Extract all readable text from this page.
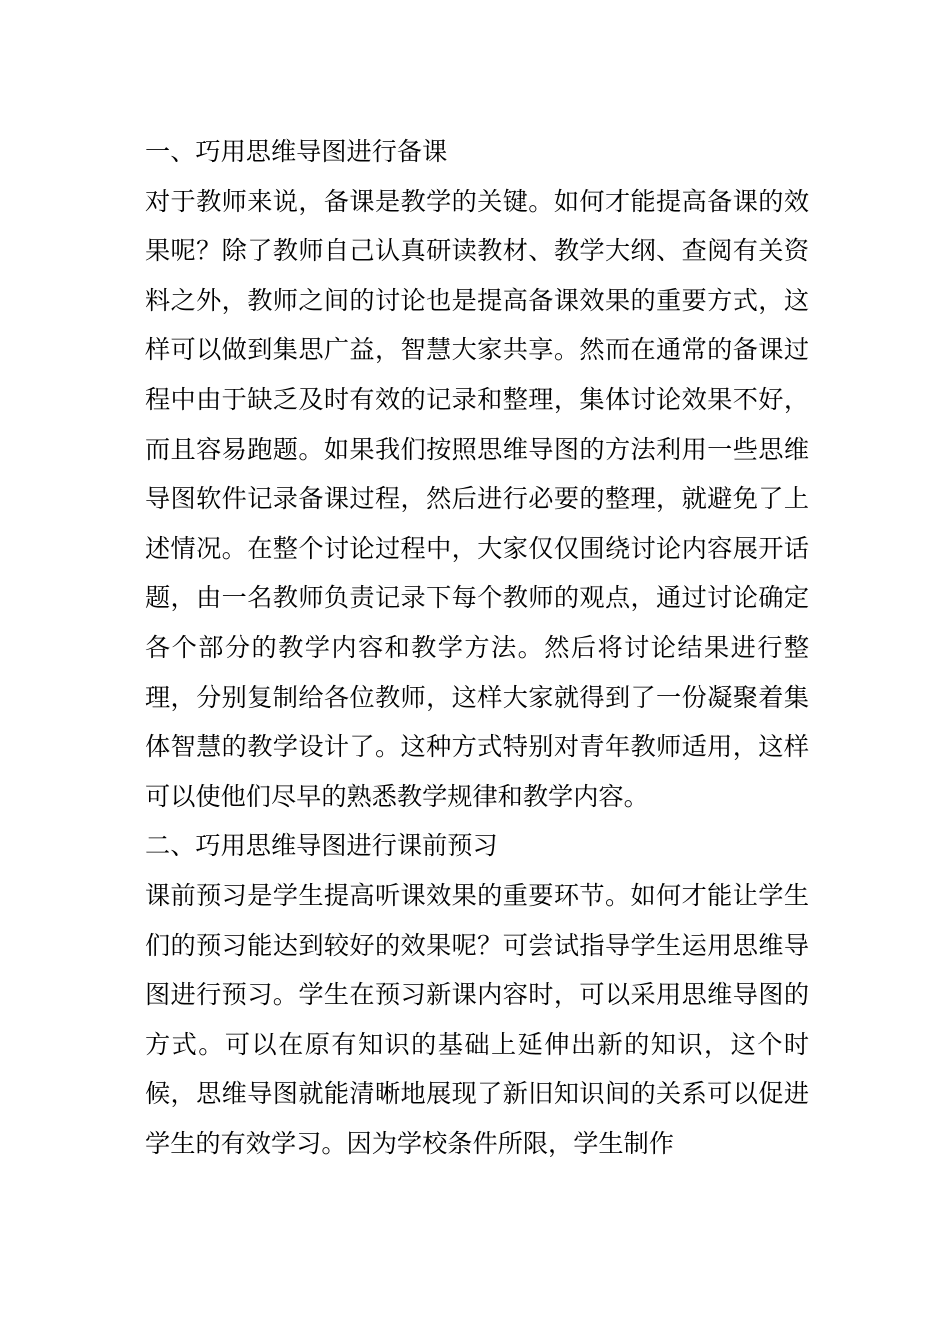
一、巧用思维导图进行备课

对于教师来说，备课是教学的关键。如何才能提高备课的效果呢？除了教师自己认真研读教材、教学大纲、查阅有关资料之外，教师之间的讨论也是提高备课效果的重要方式，这样可以做到集思广益，智慧大家共享。然而在通常的备课过程中由于缺乏及时有效的记录和整理，集体讨论效果不好，而且容易跑题。如果我们按照思维导图的方法利用一些思维导图软件记录备课过程，然后进行必要的整理，就避免了上述情况。在整个讨论过程中，大家仅仅围绕讨论内容展开话题，由一名教师负责记录下每个教师的观点，通过讨论确定各个部分的教学内容和教学方法。然后将讨论结果进行整理，分别复制给各位教师，这样大家就得到了一份凝聚着集体智慧的教学设计了。这种方式特别对青年教师适用，这样可以使他们尽早的熟悉教学规律和教学内容。

二、巧用思维导图进行课前预习

课前预习是学生提高听课效果的重要环节。如何才能让学生们的预习能达到较好的效果呢？可尝试指导学生运用思维导图进行预习。学生在预习新课内容时，可以采用思维导图的方式。可以在原有知识的基础上延伸出新的知识，这个时候，思维导图就能清晰地展现了新旧知识间的关系可以促进学生的有效学习。因为学校条件所限，学生制作
